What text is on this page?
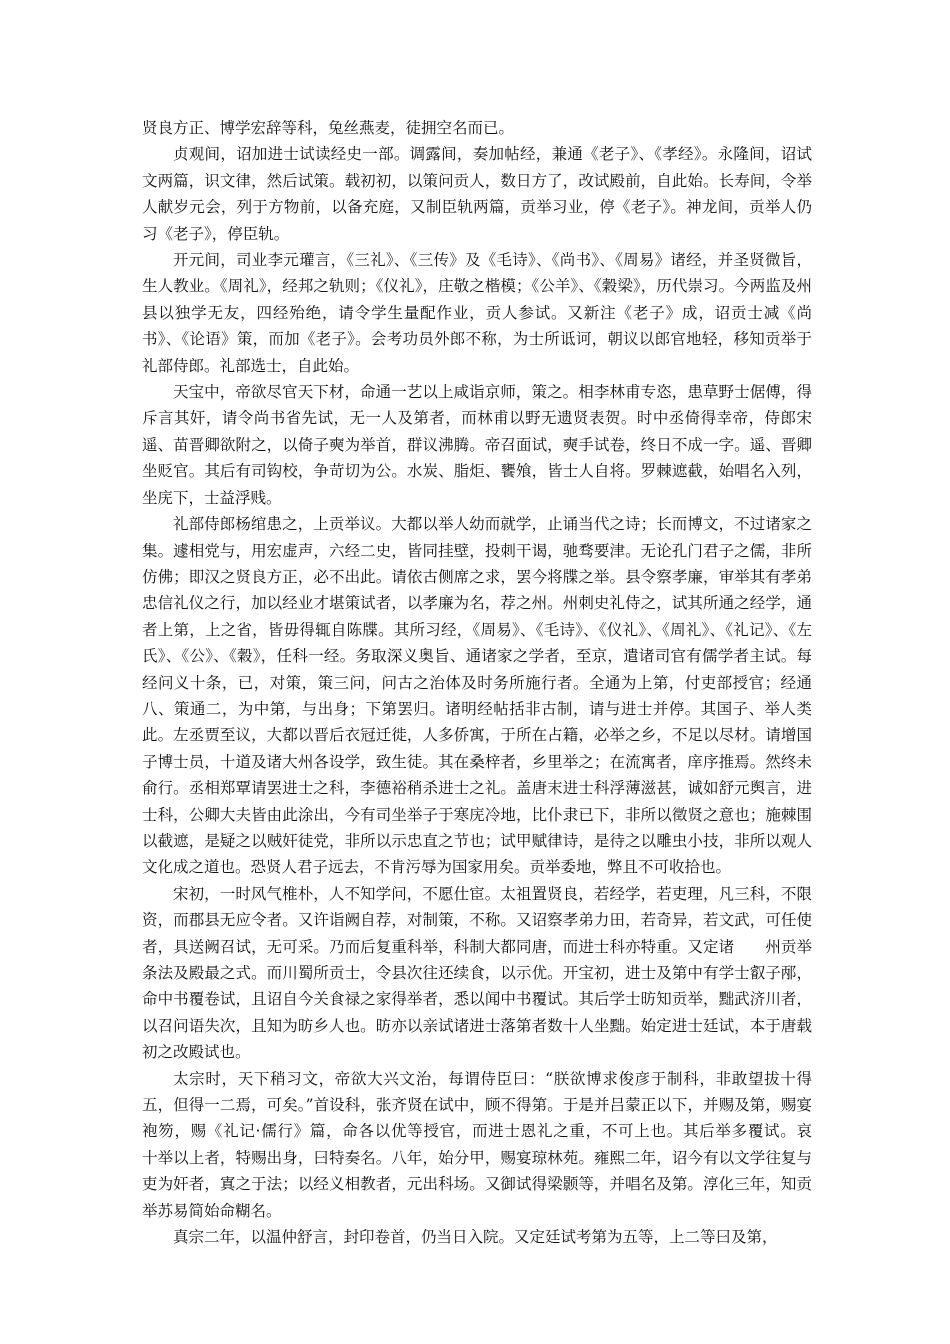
贤良方正、博学宏辞等科，兔丝燕麦，徒拥空名而已。

贞观间，诏加进士试读经史一部。调露间，奏加帖经，兼通《老子》、《孝经》。永隆间，诏试文两篇，识文律，然后试策。载初初，以策问贡人，数日方了，改试殿前，自此始。长寿间，令举人献岁元会，列于方物前，以备充庭，又制臣轨两篇，贡举习业，停《老子》。神龙间，贡举人仍习《老子》，停臣轨。

开元间，司业李元瓘言，《三礼》、《三传》及《毛诗》、《尚书》、《周易》诸经，并圣贤微旨，生人教业。《周礼》，经邦之轨则；《仪礼》，庄敬之楷模；《公羊》、《穀梁》，历代崇习。今两监及州县以独学无友，四经殆绝，请令学生量配作业，贡人参试。又新注《老子》成，诏贡士减《尚书》、《论语》策，而加《老子》。会考功员外郎不称，为士所诋诃，朝议以郎官地轻，移知贡举于礼部侍郎。礼部选士，自此始。

天宝中，帝欲尽官天下材，命通一艺以上咸诣京师，策之。相李林甫专恣，患草野士倨傅，得斥言其奸，请令尚书省先试，无一人及第者，而林甫以野无遗贤表贺。时中丞倚得幸帝，侍郎宋遥、苗晋卿欲附之，以倚子奭为举首，群议沸腾。帝召面试，奭手试卷，终日不成一字。遥、晋卿坐贬官。其后有司钩校，争苛切为公。水炭、脂炬、饔飧，皆士人自将。罗棘遮截，始唱名入列，坐庑下，士益浮贱。

礼部侍郎杨绾患之，上贡举议。大都以举人幼而就学，止诵当代之诗；长而博文，不过诸家之集。遽相党与，用宏虚声，六经二史，皆同挂壁，投刺干谒，驰骛要津。无论孔门君子之儒，非所仿佛；即汉之贤良方正，必不出此。请依古侧席之求，罢今将牒之举。县令察孝廉，审举其有孝弟忠信礼仪之行，加以经业才堪策试者，以孝廉为名，荐之州。州刺史礼侍之，试其所通之经学，通者上第，上之省，皆毋得辄自陈牒。其所习经，《周易》、《毛诗》、《仪礼》、《周礼》、《礼记》、《左氏》、《公》、《穀》，任科一经。务取深义奥旨、通诸家之学者，至京，遣诸司官有儒学者主试。每经问义十条，已，对策，策三问，问古之治体及时务所施行者。全通为上第，付吏部授官；经通八、策通二，为中第，与出身；下第罢归。诸明经帖括非古制，请与进士并停。其国子、举人类此。左丞贾至议，大都以晋后衣冠迁徙，人多侨寓，于所在占籍，必举之乡，不足以尽材。请增国子博士员，十道及诸大州各设学，致生徒。其在桑梓者，乡里举之；在流寓者，庠序推焉。然终未俞行。丞相郑覃请罢进士之科，李德裕稍杀进士之礼。盖唐末进士科浮薄滋甚，诚如舒元舆言，进士科，公卿大夫皆由此涂出，今有司坐举子于寒庑冷地，比仆隶已下，非所以徵贤之意也；施棘围以截遮，是疑之以贼奸徒党，非所以示忠直之节也；试甲赋律诗，是待之以雕虫小技，非所以观人文化成之道也。恐贤人君子远去，不肯污辱为国家用矣。贡举委地，弊且不可收拾也。

宋初，一时风气椎朴，人不知学问，不愿仕宦。太祖置贤良，若经学，若吏理，凡三科，不限资，而郡县无应令者。又许诣阙自荐，对制策，不称。又诏察孝弟力田，若奇异，若文武，可任使者，具送阙召试，无可采。乃而后复重科举，科制大都同唐，而进士科亦特重。又定诸　　州贡举条法及殿最之式。而川蜀所贡士，令县次往还续食，以示优。开宝初，进士及第中有学士叡子邴，命中书覆卷试，且诏自今关食禄之家得举者，悉以闻中书覆试。其后学士昉知贡举，黜武济川者，以召问语失次，且知为昉乡人也。昉亦以亲试诸进士落第者数十人坐黜。始定进士廷试，本于唐载初之改殿试也。

太宗时，天下稍习文，帝欲大兴文治，每谓侍臣曰：“朕欲博求俊彦于制科，非敢望拔十得五，但得一二焉，可矣。”首设科，张齐贤在试中，顾不得第。于是并吕蒙正以下，并赐及第，赐宴袍笏，赐《礼记·儒行》篇，命各以优等授官，而进士恩礼之重，不可上也。其后举多覆试。哀　　十举以上者，特赐出身，曰特奏名。八年，始分甲，赐宴琼林苑。雍熙二年，诏今有以文学往复与吏为奸者，寘之于法；以经义相教者，元出科场。又御试得梁颢等，并唱名及第。淳化三年，知贡举苏易简始命糊名。

真宗二年，以温仲舒言，封印卷首，仍当日入院。又定廷试考第为五等，上二等曰及第，
